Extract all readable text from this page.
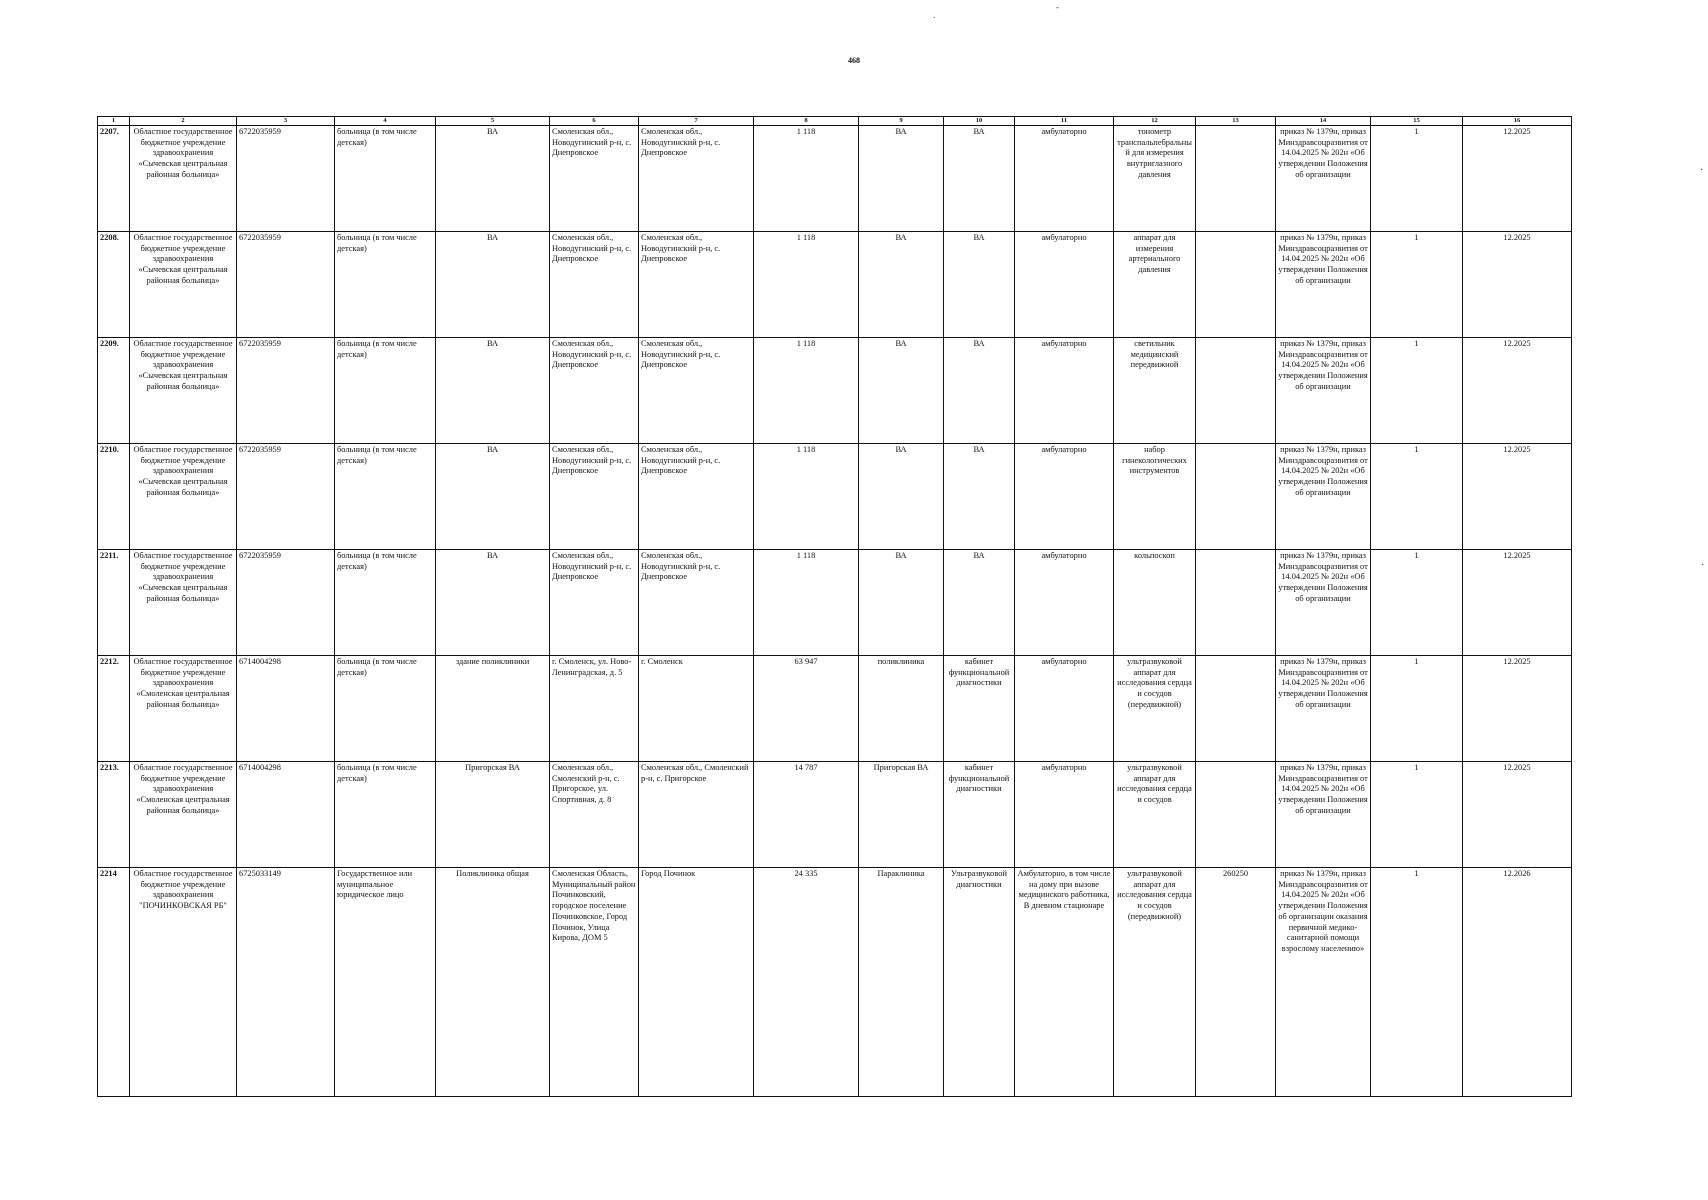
468
.
-
·
·
1	2	3	4	5	6	7	8	9	10	11	12	13	14	15	16
2207.	Областное государственное бюджетное учреждение здравоохранения «Сычевская центральная районная больница»	6722035959	больница (в том числе детская)	ВА	Смоленская обл., Новодугинский р-н, с. Днепровское	Смоленская обл., Новодугинский р-н, с. Днепровское	1 118	ВА	ВА	амбулаторно	тонометр транспальпебральный для измерения внутриглазного давления		приказ № 1379н, приказ Минздравсоцразвития от 14.04.2025 № 202н «Об утверждении Положения об организации	1	12.2025
2208.	Областное государственное бюджетное учреждение здравоохранения «Сычевская центральная районная больница»	6722035959	больница (в том числе детская)	ВА	Смоленская обл., Новодугинский р-н, с. Днепровское	Смоленская обл., Новодугинский р-н, с. Днепровское	1 118	ВА	ВА	амбулаторно	аппарат для измерения артериального давления		приказ № 1379н, приказ Минздравсоцразвития от 14.04.2025 № 202н «Об утверждении Положения об организации	1	12.2025
2209.	Областное государственное бюджетное учреждение здравоохранения «Сычевская центральная районная больница»	6722035959	больница (в том числе детская)	ВА	Смоленская обл., Новодугинский р-н, с. Днепровское	Смоленская обл., Новодугинский р-н, с. Днепровское	1 118	ВА	ВА	амбулаторно	светильник медицинский передвижной		приказ № 1379н, приказ Минздравсоцразвития от 14.04.2025 № 202н «Об утверждении Положения об организации	1	12.2025
2210.	Областное государственное бюджетное учреждение здравоохранения «Сычевская центральная районная больница»	6722035959	больница (в том числе детская)	ВА	Смоленская обл., Новодугинский р-н, с. Днепровское	Смоленская обл., Новодугинский р-н, с. Днепровское	1 118	ВА	ВА	амбулаторно	набор гинекологических инструментов		приказ № 1379н, приказ Минздравсоцразвития от 14.04.2025 № 202н «Об утверждении Положения об организации	1	12.2025
2211.	Областное государственное бюджетное учреждение здравоохранения «Сычевская центральная районная больница»	6722035959	больница (в том числе детская)	ВА	Смоленская обл., Новодугинский р-н, с. Днепровское	Смоленская обл., Новодугинский р-н, с. Днепровское	1 118	ВА	ВА	амбулаторно	кольпоскоп		приказ № 1379н, приказ Минздравсоцразвития от 14.04.2025 № 202н «Об утверждении Положения об организации	1	12.2025
2212.	Областное государственное бюджетное учреждение здравоохранения «Смоленская центральная районная больница»	6714004298	больница (в том числе детская)	здание поликлиники	г. Смоленск, ул. Ново-Ленинградская, д. 5	г. Смоленск	63 947	поликлиника	кабинет функциональной диагностики	амбулаторно	ультразвуковой аппарат для исследования сердца и сосудов (передвижной)		приказ № 1379н, приказ Минздравсоцразвития от 14.04.2025 № 202н «Об утверждении Положения об организации	1	12.2025
2213.	Областное государственное бюджетное учреждение здравоохранения «Смоленская центральная районная больница»	6714004298	больница (в том числе детская)	Пригорская ВА	Смоленская обл., Смоленский р-н, с. Пригорское, ул. Спортивная, д. 8	Смоленская обл., Смоленский р-н, с. Пригорское	14 787	Пригорская ВА	кабинет функциональной диагностики	амбулаторно	ультразвуковой аппарат для исследования сердца и сосудов		приказ № 1379н, приказ Минздравсоцразвития от 14.04.2025 № 202н «Об утверждении Положения об организации	1	12.2025
2214	Областное государственное бюджетное учреждение здравоохранения "ПОЧИНКОВСКАЯ РБ"	6725033149	Государственное или муниципальное юридическое лицо	Поликлиника общая	Смоленская Область, Муниципальный район Починковский, городское поселение Починковское, Город Починок, Улица Кирова, ДОМ 5	Город Починок	24 335	Параклиника	Ультразвуковой диагностики	Амбулаторно, в том числе на дому при вызове медицинского работника, В дневном стационаре	ультразвуковой аппарат для исследования сердца и сосудов (передвижной)	260250	приказ № 1379н, приказ Минздравсоцразвития от 14.04.2025 № 202н «Об утверждении Положения об организации оказания первичной медико-санитарной помощи взрослому населению»	1	12.2026
